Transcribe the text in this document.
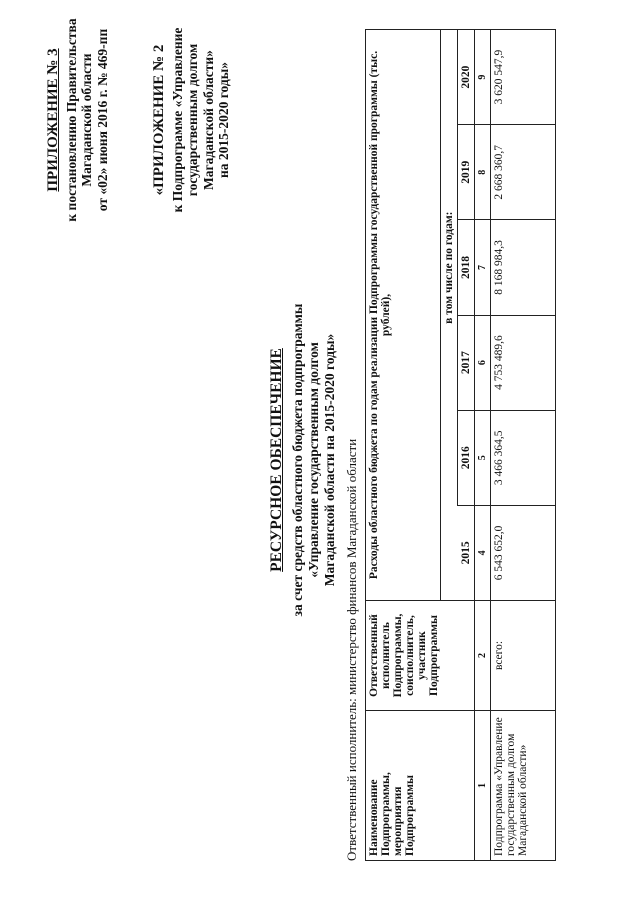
ПРИЛОЖЕНИЕ № 3 к постановлению Правительства Магаданской области от «02» июня 2016 г. № 469-пп	«ПРИЛОЖЕНИЕ № 2 к Подпрограмме «Управление государственным долгом Магаданской области» на 2015-2020 годы»
РЕСУРСНОЕ ОБЕСПЕЧЕНИЕ за счет средств областного бюджета подпрограммы «Управление государственным долгом Магаданской области на 2015-2020 годы» Ответственный исполнитель: министерство финансов Магаданской области Наименование Подпрограммы, мероприятия Подпрограммы	Ответственный исполнитель Подпрограммы, соисполнитель, участник Подпрограммы	Расходы областного бюджета по годам реализации Подпрограммы государственной программы (тыс. рублей),					
			в том числе по годам:				
		2015	2016	2017	2018	2019	2020
1	2	4	5	6	7	8	9
Подпрограмма «Управление государственным долгом Магаданской области»	всего:	6 543 652,0	3 466 364,5	4 753 489,6	8 168 984,3	2 668 360,7	3 620 547,9
